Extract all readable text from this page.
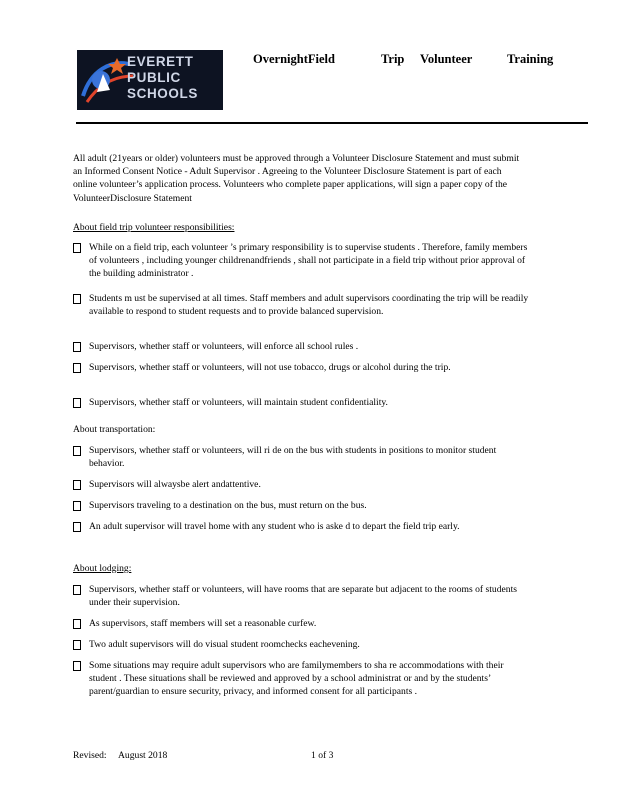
EVERETT
PUBLIC
SCHOOLS
OvernightField	Trip Volunteer	Training
All adult (21years or older) volunteers must be approved through a Volunteer Disclosure Statement and must submit an Informed Consent Notice - Adult Supervisor . Agreeing to the Volunteer Disclosure Statement is part of each online volunteer’s application process. Volunteers who complete paper applications, will sign a paper copy of the VolunteerDisclosure Statement
About field trip volunteer responsibilities:
While on a field trip, each volunteer ’s primary responsibility is to supervise students . Therefore, family members of volunteers , including younger childrenandfriends , shall not participate in a field trip without prior approval of the building administrator .
Students m ust be supervised at all times. Staff members and adult supervisors coordinating the trip will be readily available to respond to student requests and to provide balanced supervision.
Supervisors, whether staff or volunteers, will enforce all school rules .
Supervisors, whether staff or volunteers, will not use tobacco, drugs or alcohol during the trip.
Supervisors, whether staff or volunteers, will maintain student confidentiality.
About transportation:
Supervisors, whether staff or volunteers, will ri de on the bus with students in positions to monitor student behavior.
Supervisors will alwaysbe alert andattentive.
Supervisors traveling to a destination on the bus, must return on the bus.
An adult supervisor will travel home with any student who is aske d to depart the field trip early.
About lodging:
Supervisors, whether staff or volunteers, will have rooms that are separate but adjacent to the rooms of students under their supervision.
As supervisors, staff members will set a reasonable curfew.
Two adult supervisors will do visual student roomchecks eachevening.
Some situations may require adult supervisors who are familymembers to sha re accommodations with their student . These situations shall be reviewed and approved by a school administrat or and by the students’ parent/guardian to ensure security, privacy, and informed consent for all participants .
Revised: August 2018	1 of 3
